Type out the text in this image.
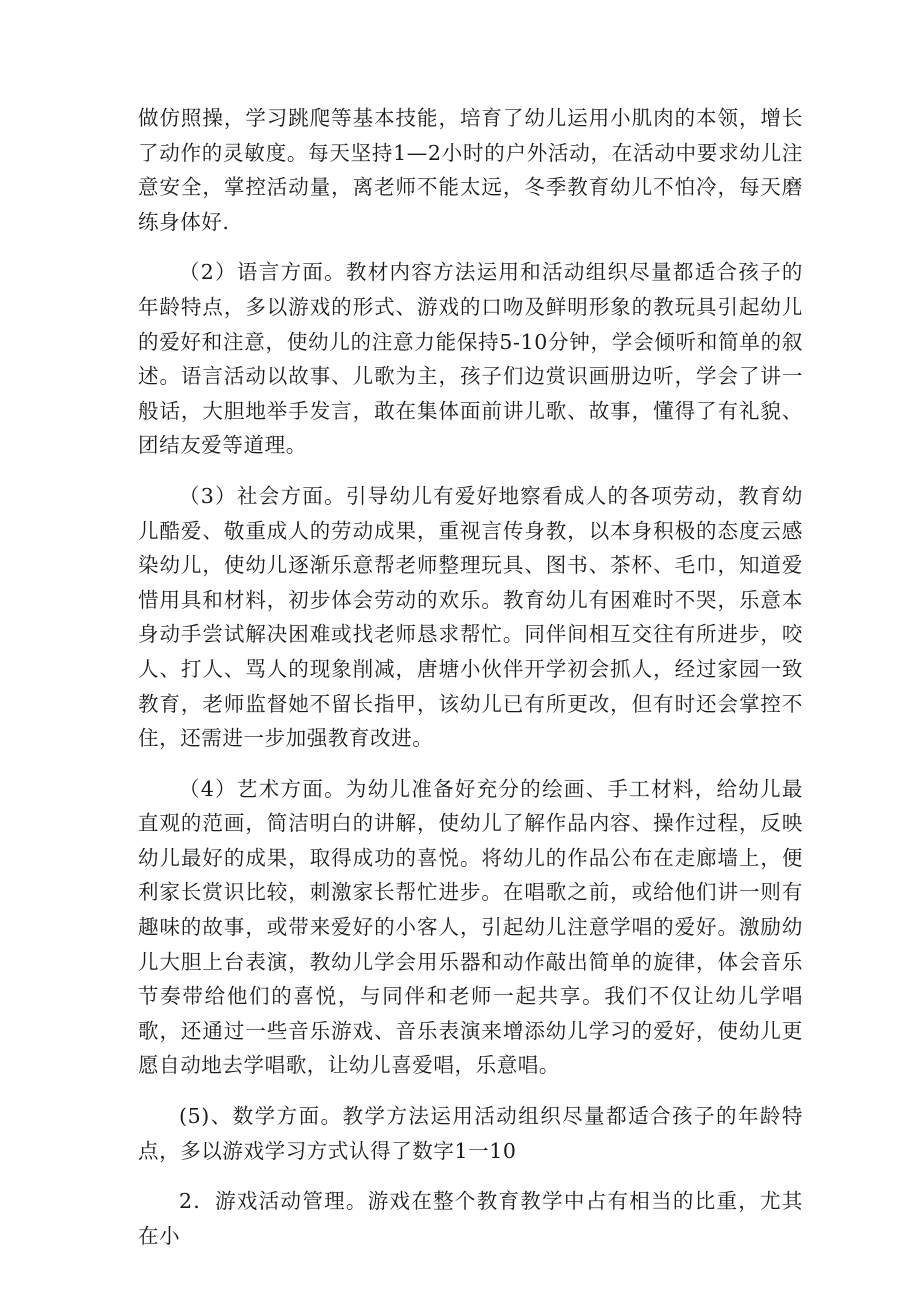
做仿照操，学习跳爬等基本技能，培育了幼儿运用小肌肉的本领，增长了动作的灵敏度。每天坚持1—2小时的户外活动，在活动中要求幼儿注意安全，掌控活动量，离老师不能太远，冬季教育幼儿不怕冷，每天磨练身体好.

（2）语言方面。教材内容方法运用和活动组织尽量都适合孩子的年龄特点，多以游戏的形式、游戏的口吻及鲜明形象的教玩具引起幼儿的爱好和注意，使幼儿的注意力能保持5-10分钟，学会倾听和简单的叙述。语言活动以故事、儿歌为主，孩子们边赏识画册边听，学会了讲一般话，大胆地举手发言，敢在集体面前讲儿歌、故事，懂得了有礼貌、团结友爱等道理。

（3）社会方面。引导幼儿有爱好地察看成人的各项劳动，教育幼儿酷爱、敬重成人的劳动成果，重视言传身教，以本身积极的态度云感染幼儿，使幼儿逐渐乐意帮老师整理玩具、图书、茶杯、毛巾，知道爱惜用具和材料，初步体会劳动的欢乐。教育幼儿有困难时不哭，乐意本身动手尝试解决困难或找老师恳求帮忙。同伴间相互交往有所进步，咬人、打人、骂人的现象削减，唐塘小伙伴开学初会抓人，经过家园一致教育，老师监督她不留长指甲，该幼儿已有所更改，但有时还会掌控不住，还需进一步加强教育改进。

（4）艺术方面。为幼儿准备好充分的绘画、手工材料，给幼儿最直观的范画，简洁明白的讲解，使幼儿了解作品内容、操作过程，反映幼儿最好的成果，取得成功的喜悦。将幼儿的作品公布在走廊墙上，便利家长赏识比较，刺激家长帮忙进步。在唱歌之前，或给他们讲一则有趣味的故事，或带来爱好的小客人，引起幼儿注意学唱的爱好。激励幼儿大胆上台表演，教幼儿学会用乐器和动作敲出简单的旋律，体会音乐节奏带给他们的喜悦，与同伴和老师一起共享。我们不仅让幼儿学唱歌，还通过一些音乐游戏、音乐表演来增添幼儿学习的爱好，使幼儿更愿自动地去学唱歌，让幼儿喜爱唱，乐意唱。

(5)、数学方面。教学方法运用活动组织尽量都适合孩子的年龄特点，多以游戏学习方式认得了数字1一10

2．游戏活动管理。游戏在整个教育教学中占有相当的比重，尤其在小
